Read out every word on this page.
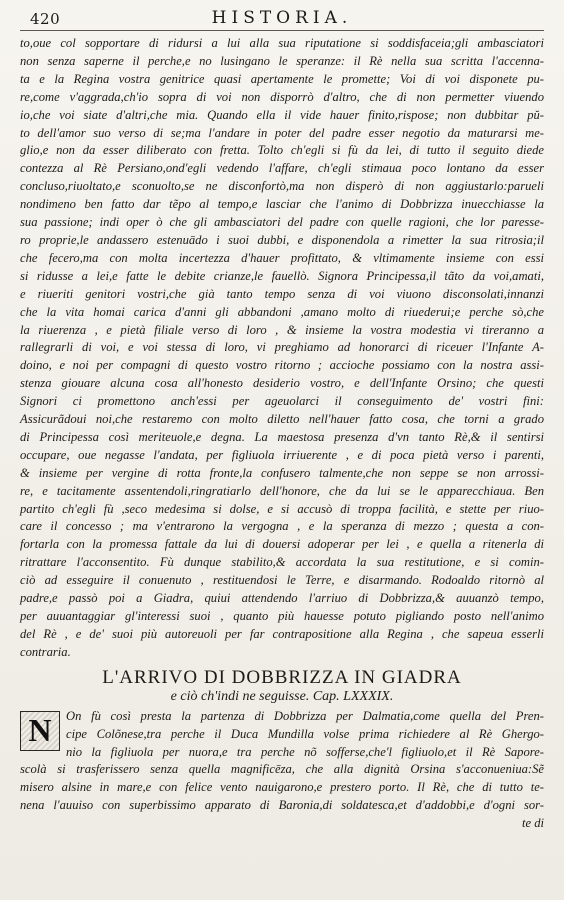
420	HISTORIA.
to,oue col sopportare di ridursi a lui alla sua riputatione si soddisfaceia;gli ambasciatori
non senza saperne il perche,e no lusingano le speranze: il Rè nella sua scritta l'accenna-
ta e la Regina vostra genitrice quasi apertamente le promette; Voi di voi disponete pu-
re,come v'aggrada,ch'io sopra di voi non disporrò d'altro, che di non permetter viuendo
io,che voi siate d'altri,che mia. Quando ella il vide hauer finito,rispose; non dubbitar pŭ-
to dell'amor suo verso di se;ma l'andare in poter del padre esser negotio da maturarsi me-
glio,e non da esser diliberato con fretta. Tolto ch'egli si fù da lei, di tutto il seguito diede
contezza al Rè Persiano,ond'egli vedendo l'affare, ch'egli stimaua poco lontano da esser
concluso,riuoltato,e sconuolto,se ne disconfortò,ma non disperò di non aggiustarlo:parueli
nondimeno ben fatto dar tẽpo al tempo,e lasciar che l'animo di Dobbrizza inuecchiasse la
sua passione; indi oper ò che gli ambasciatori del padre con quelle ragioni, che lor paresse-
ro proprie,le andassero estenuādo i suoi dubbi, e disponendola a rimetter la sua ritrosia;il
che fecero,ma con molta incertezza d'hauer profittato, & vltimamente insieme con essi
si ridusse a lei,e fatte le debite crianze,le fauellò. Signora Principessa,il tãto da voi,amati,
e riueriti genitori vostri,che già tanto tempo senza di voi viuono disconsolati,innanzi
che la vita homai carica d'anni gli abbandoni ,amano molto di riuederui;e perche sò,che
la riuerenza , e pietà filiale verso di loro , & insieme la vostra modestia vi tireranno a
rallegrarli di voi, e voi stessa di loro, vi preghiamo ad honorarci di riceuer l'Infante A-
doino, e noi per compagni di questo vostro ritorno ; accioche possiamo con la nostra assi-
stenza giouare alcuna cosa all'honesto desiderio vostro, e dell'Infante Orsino; che questi
Signori ci promettono anch'essi per ageuolarci il conseguimento de' vostri fini:
Assicurãdoui noi,che restaremo con molto diletto nell'hauer fatto cosa, che torni a grado
di Principessa così meriteuole,e degna. La maestosa presenza d'vn tanto Rè,& il sentirsi
occupare, oue negasse l'andata, per figliuola irriuerente , e di poca pietà verso i parenti,
& insieme per vergine di rotta fronte,la confusero talmente,che non seppe se non arrossi-
re, e tacitamente assentendoli,ringratiarlo dell'honore, che da lui se le apparecchiaua. Ben
partito ch'egli fù ,seco medesima si dolse, e si accusò di troppa facilità, e stette per riuo-
care il concesso ; ma v'entrarono la vergogna , e la speranza di mezzo ; questa a con-
fortarla con la promessa fattale da lui di douersi adoperar per lei , e quella a ritenerla di
ritrattare l'acconsentito. Fù dunque stabilito,& accordata la sua restitutione, e si comin-
ciò ad esseguire il conuenuto , restituendosi le Terre, e disarmando. Rodoaldo ritornò al
padre,e passò poi a Giadra, quiui attendendo l'arriuo di Dobbrizza,& auuanzò tempo,
per auuantaggiar gl'interessi suoi , quanto più hauesse potuto pigliando posto nell'animo
del Rè , e de' suoi più autoreuoli per far contrapositione alla Regina , che sapeua esserli
contraria.
L'ARRIVO DI DOBBRIZZA IN GIADRA
e ciò ch'indi ne seguisse. Cap. LXXXIX.
N	On fù così presta la partenza di Dobbrizza per Dalmatia,come quella del Pren-
cipe Colõnese,tra perche il Duca Mundilla volse prima richiedere al Rè Ghergo-
nio la figliuola per nuora,e tra perche nõ sofferse,che'l figliuolo,et il Rè Sapore-
scolà si trasferissero senza quella magnificēza, che alla dignità Orsina s'acconueniua:Sẽ
misero alsine in mare,e con felice vento nauigarono,e prestero porto. Il Rè, che di tutto te-
nena l'auuiso con superbissimo apparato di Baronia,di soldatesca,et d'addobbi,e d'ogni sor-
te di
